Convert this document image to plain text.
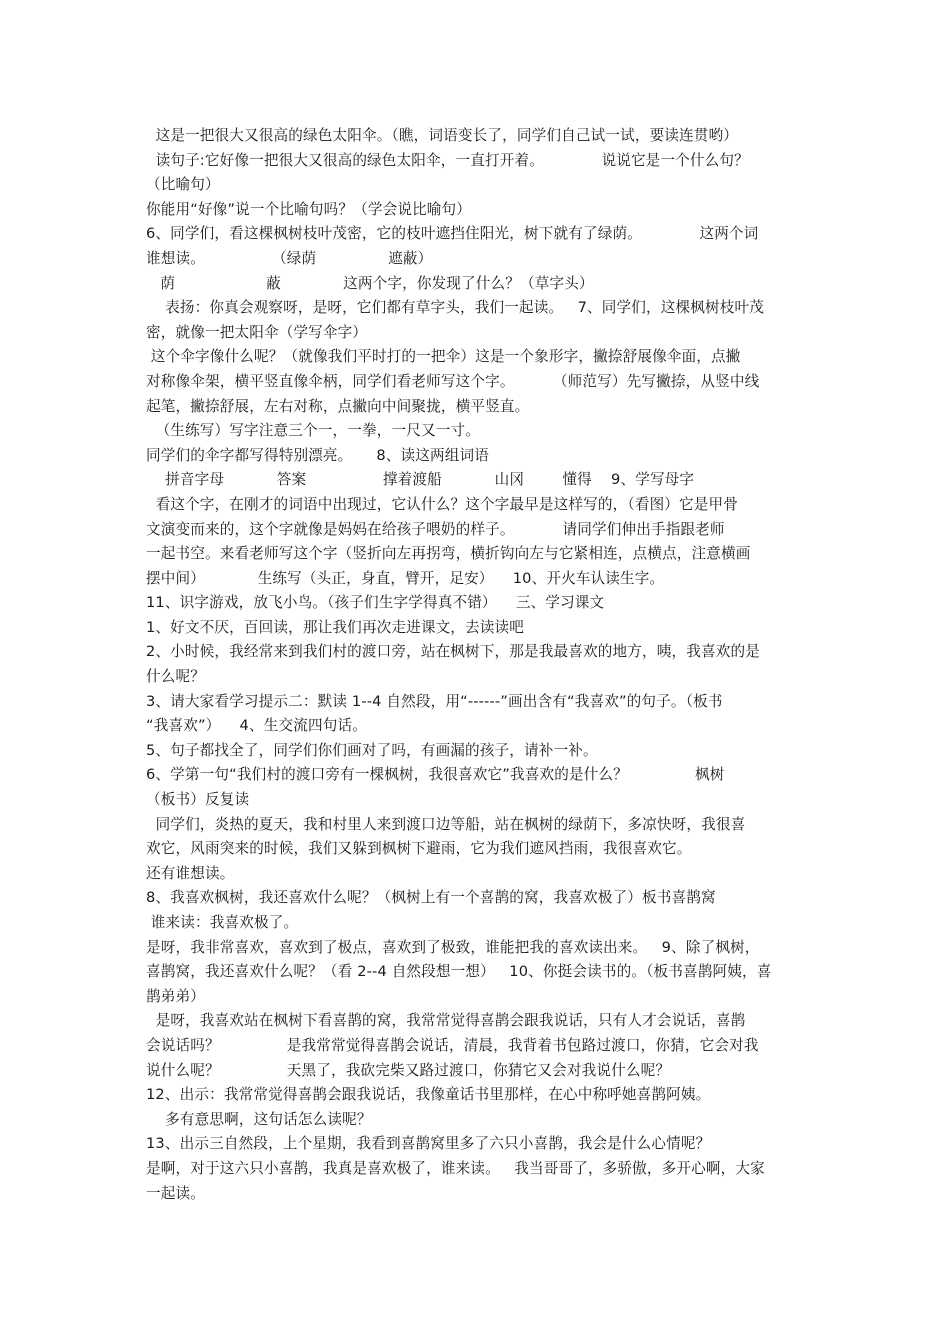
这是一把很大又很高的绿色太阳伞。（瞧，词语变长了，同学们自己试一试，要读连贯哟）
读句子:它好像一把很大又很高的绿色太阳伞，一直打开着。            说说它是一个什么句？
（比喻句）
你能用“好像”说一个比喻句吗？（学会说比喻句）
6、同学们，看这棵枫树枝叶茂密，它的枝叶遮挡住阳光，树下就有了绿荫。            这两个词
谁想读。              （绿荫               遮蔽）
荫                   蔽             这两个字，你发现了什么？（草字头）
表扬：你真会观察呀，是呀，它们都有草字头，我们一起读。   7、同学们，这棵枫树枝叶茂
密，就像一把太阳伞（学写伞字）
这个伞字像什么呢？（就像我们平时打的一把伞）这是一个象形字，撇捺舒展像伞面，点撇
对称像伞架，横平竖直像伞柄，同学们看老师写这个字。        （师范写）先写撇捺，从竖中线
起笔，撇捺舒展，左右对称，点撇向中间聚拢，横平竖直。
（生练写）写字注意三个一，一拳，一尺又一寸。
同学们的伞字都写得特别漂亮。     8、读这两组词语
拼音字母           答案                撑着渡船           山冈        懂得    9、学写母字
看这个字，在刚才的词语中出现过，它认什么？这个字最早是这样写的，（看图）它是甲骨
文演变而来的，这个字就像是妈妈在给孩子喂奶的样子。          请同学们伸出手指跟老师
一起书空。来看老师写这个字（竖折向左再拐弯，横折钩向左与它紧相连，点横点，注意横画
摆中间）           生练写（头正，身直，臂开，足安）    10、开火车认读生字。
11、识字游戏，放飞小鸟。（孩子们生字学得真不错）    三、学习课文
1、好文不厌，百回读，那让我们再次走进课文，去读读吧
2、小时候，我经常来到我们村的渡口旁，站在枫树下，那是我最喜欢的地方，咦，我喜欢的是
什么呢？
3、请大家看学习提示二：默读 1--4 自然段，用“------”画出含有“我喜欢”的句子。（板书
“我喜欢”）    4、生交流四句话。
5、句子都找全了，同学们你们画对了吗，有画漏的孩子，请补一补。
6、学第一句“我们村的渡口旁有一棵枫树，我很喜欢它”我喜欢的是什么？              枫树
（板书）反复读
同学们，炎热的夏天，我和村里人来到渡口边等船，站在枫树的绿荫下，多凉快呀，我很喜
欢它，风雨突来的时候，我们又躲到枫树下避雨，它为我们遮风挡雨，我很喜欢它。
还有谁想读。
8、我喜欢枫树，我还喜欢什么呢？（枫树上有一个喜鹊的窝，我喜欢极了）板书喜鹊窝
谁来读：我喜欢极了。
是呀，我非常喜欢，喜欢到了极点，喜欢到了极致，谁能把我的喜欢读出来。   9、除了枫树，
喜鹊窝，我还喜欢什么呢？（看 2--4 自然段想一想）   10、你挺会读书的。（板书喜鹊阿姨，喜
鹊弟弟）
是呀，我喜欢站在枫树下看喜鹊的窝，我常常觉得喜鹊会跟我说话，只有人才会说话，喜鹊
会说话吗？              是我常常觉得喜鹊会说话，清晨，我背着书包路过渡口，你猜，它会对我
说什么呢？              天黑了，我砍完柴又路过渡口，你猜它又会对我说什么呢？
12、出示：我常常觉得喜鹊会跟我说话，我像童话书里那样，在心中称呼她喜鹊阿姨。
多有意思啊，这句话怎么读呢？
13、出示三自然段，上个星期，我看到喜鹊窝里多了六只小喜鹊，我会是什么心情呢？
是啊，对于这六只小喜鹊，我真是喜欢极了，谁来读。   我当哥哥了，多骄傲，多开心啊，大家
一起读。
